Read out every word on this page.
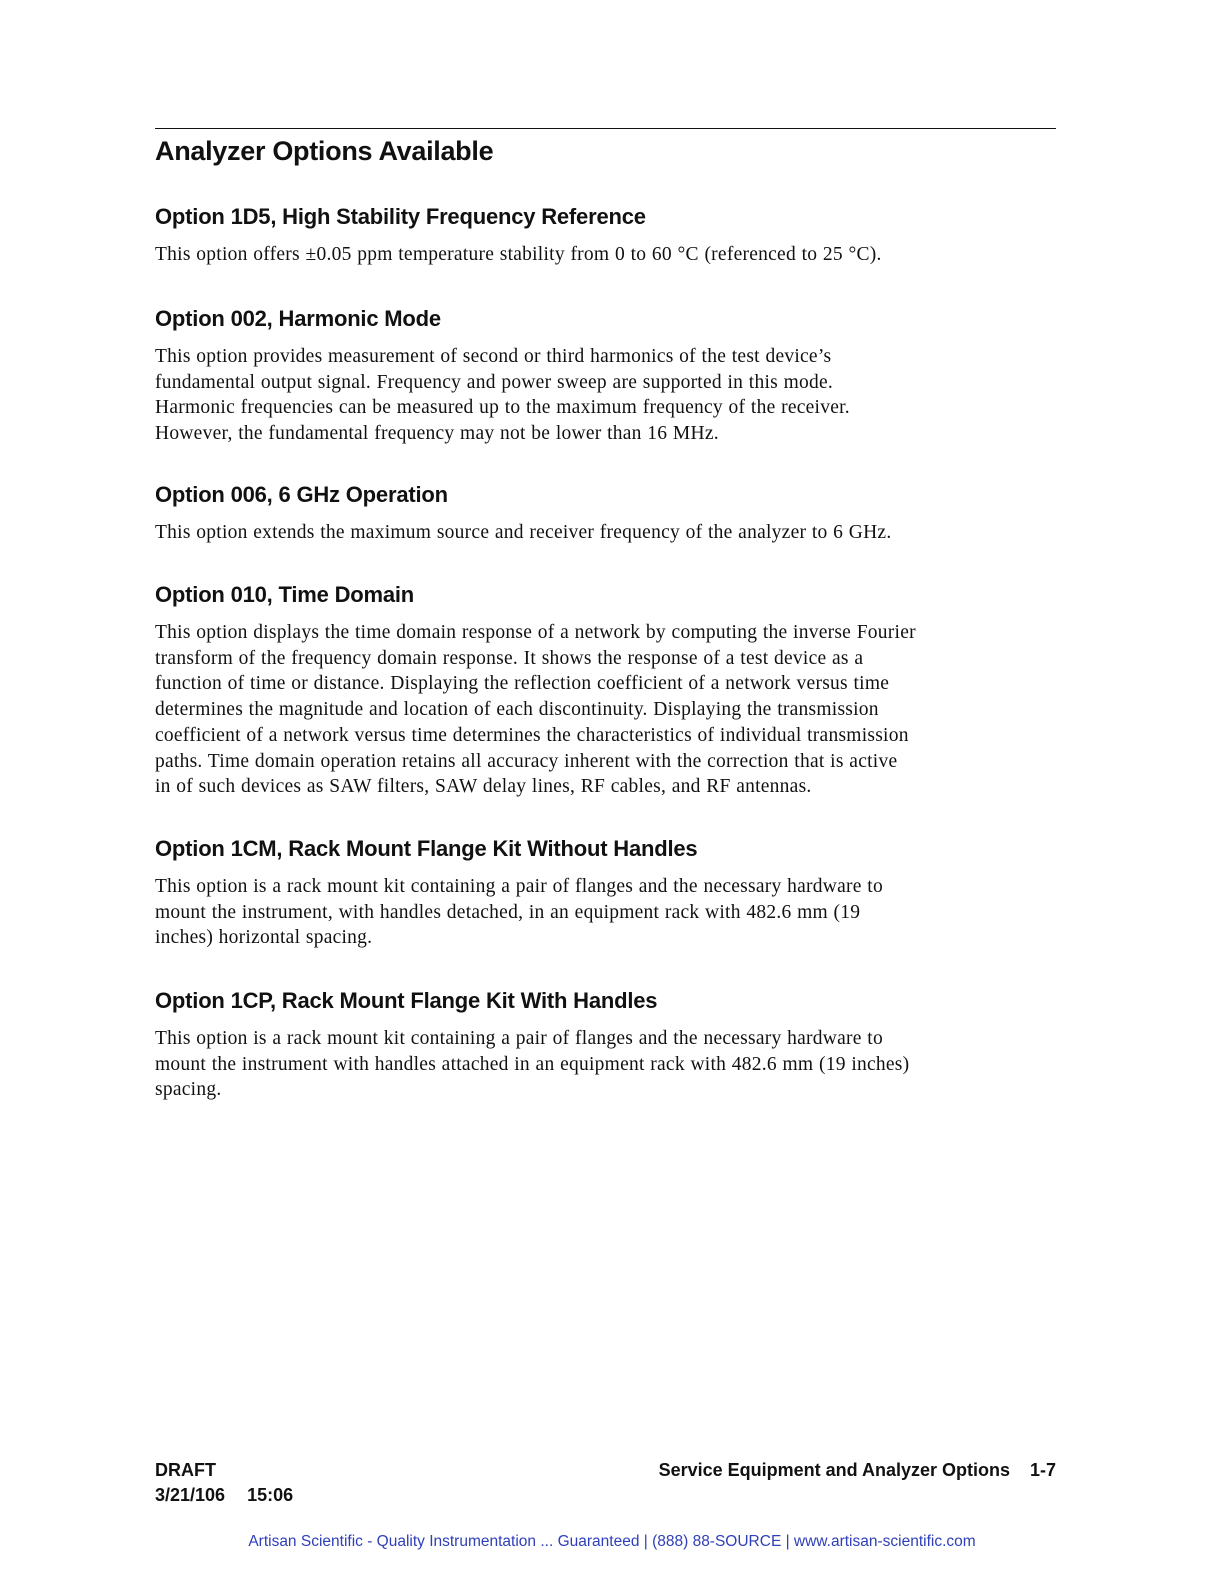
Analyzer Options Available
Option 1D5, High Stability Frequency Reference

This option offers ±0.05 ppm temperature stability from 0 to 60 °C (referenced to 25 °C).

Option 002, Harmonic Mode

This option provides measurement of second or third harmonics of the test device’s
fundamental output signal. Frequency and power sweep are supported in this mode.
Harmonic frequencies can be measured up to the maximum frequency of the receiver.
However, the fundamental frequency may not be lower than 16 MHz.

Option 006, 6 GHz Operation

This option extends the maximum source and receiver frequency of the analyzer to 6 GHz.

Option 010, Time Domain

This option displays the time domain response of a network by computing the inverse Fourier
transform of the frequency domain response. It shows the response of a test device as a
function of time or distance. Displaying the reflection coefficient of a network versus time
determines the magnitude and location of each discontinuity. Displaying the transmission
coefficient of a network versus time determines the characteristics of individual transmission
paths. Time domain operation retains all accuracy inherent with the correction that is active
in of such devices as SAW filters, SAW delay lines, RF cables, and RF antennas.

Option 1CM, Rack Mount Flange Kit Without Handles

This option is a rack mount kit containing a pair of flanges and the necessary hardware to
mount the instrument, with handles detached, in an equipment rack with 482.6 mm (19
inches) horizontal spacing.

Option 1CP, Rack Mount Flange Kit With Handles

This option is a rack mount kit containing a pair of flanges and the necessary hardware to
mount the instrument with handles attached in an equipment rack with 482.6 mm (19 inches)
spacing.

DRAFT
3/21/106 15:06
Service Equipment and Analyzer Options 1-7
Artisan Scientific - Quality Instrumentation ... Guaranteed | (888) 88-SOURCE | www.artisan-scientific.com
